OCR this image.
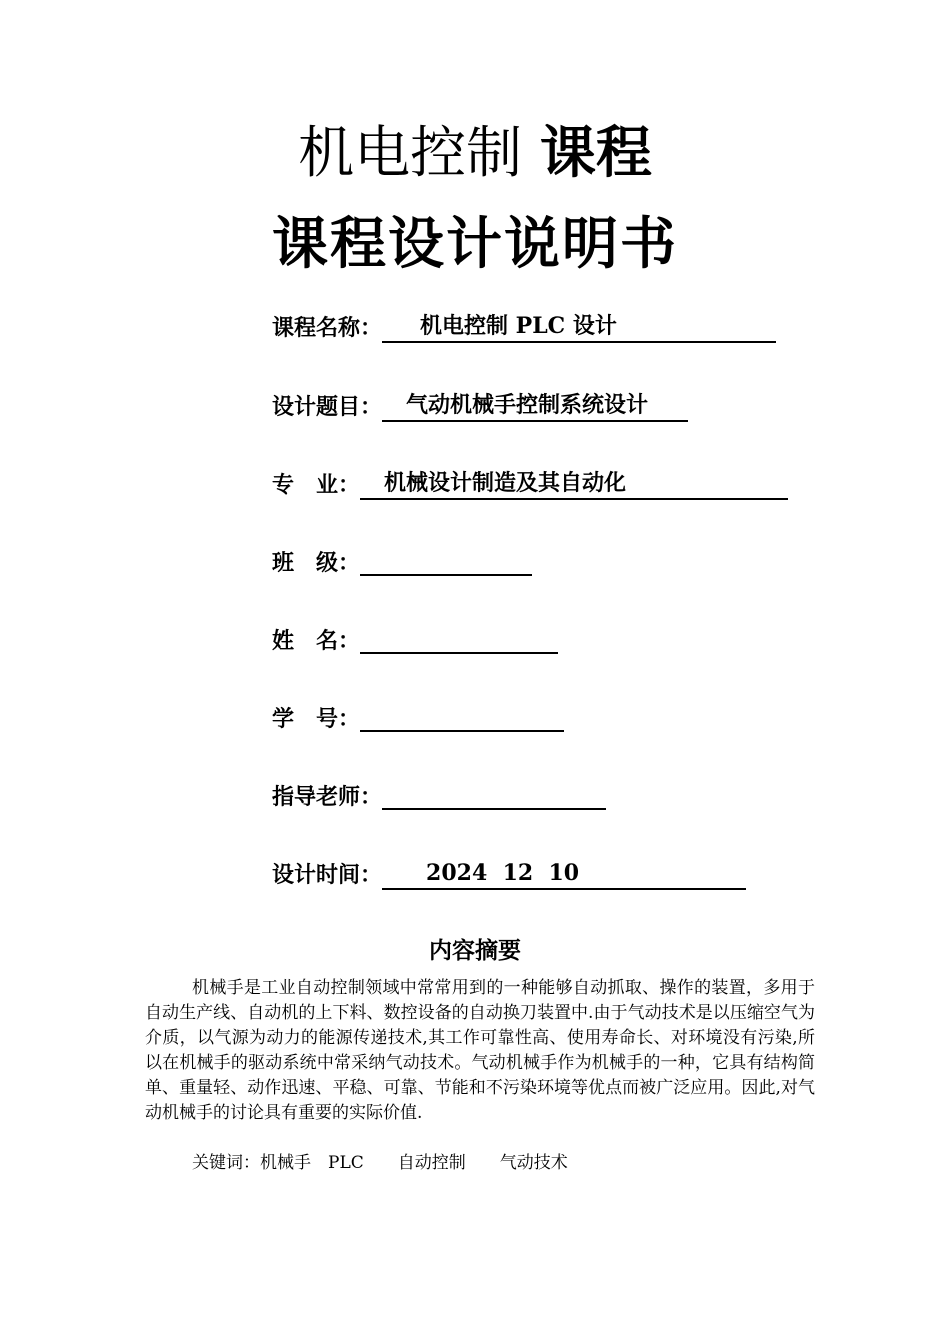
机电控制 课程
课程设计说明书
课程名称： 机电控制 PLC 设计
设计题目： 气动机械手控制系统设计
专　业： 机械设计制造及其自动化
班　级：
姓　名：
学　号：
指导老师：
设计时间： 2024  12  10
内容摘要

机械手是工业自动控制领域中常常用到的一种能够自动抓取、操作的装置，多用于自动生产线、自动机的上下料、数控设备的自动换刀装置中.由于气动技术是以压缩空气为介质，以气源为动力的能源传递技术,其工作可靠性高、使用寿命长、对环境没有污染,所以在机械手的驱动系统中常采纳气动技术。气动机械手作为机械手的一种，它具有结构简单、重量轻、动作迅速、平稳、可靠、节能和不污染环境等优点而被广泛应用。因此,对气动机械手的讨论具有重要的实际价值.

关键词：机械手　PLC　　自动控制　　气动技术
